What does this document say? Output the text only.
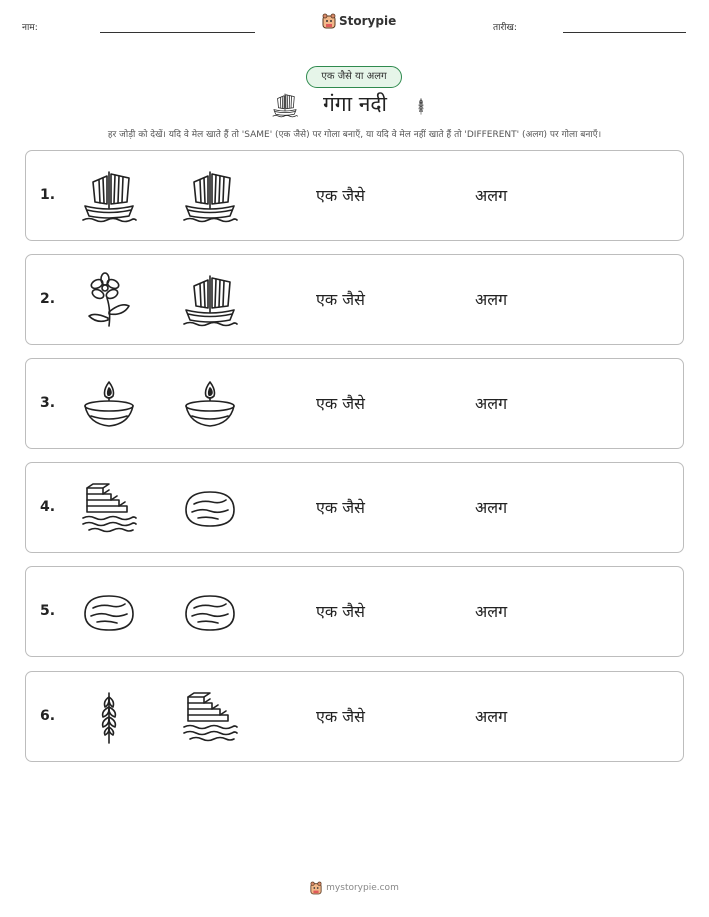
नाम:	Storypie	तारीख:
एक जैसे या अलग
गंगा नदी
हर जोड़ी को देखें। यदि वे मेल खाते हैं तो 'SAME' (एक जैसे) पर गोला बनाएँ, या यदि वे मेल नहीं खाते हैं तो 'DIFFERENT' (अलग) पर गोला बनाएँ।
1.	एक जैसे	अलग
2.	एक जैसे	अलग
3.	एक जैसे	अलग
4.	एक जैसे	अलग
5.	एक जैसे	अलग
6.	एक जैसे	अलग
mystorypie.com
